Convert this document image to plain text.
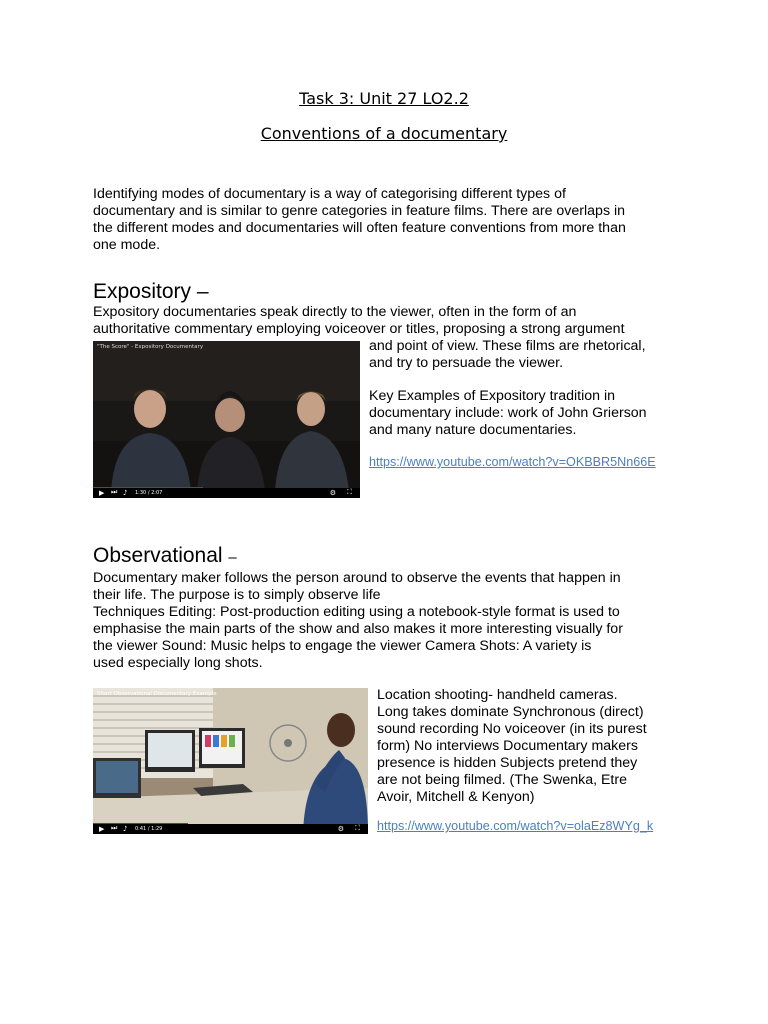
Task 3: Unit 27 LO2.2
Conventions of a documentary
Identifying modes of documentary is a way of categorising different types of
documentary and is similar to genre categories in feature films. There are overlaps in
the different modes and documentaries will often feature conventions from more than
one mode.
Expository –
Expository documentaries speak directly to the viewer, often in the form of an
authoritative commentary employing voiceover or titles, proposing a strong argument
"The Score" - Expository Documentary
▶ ⏭ ♪ 1:30 / 2:07	⚙ ⛶
and point of view. These films are rhetorical,
and try to persuade the viewer.
Key Examples of Expository tradition in
documentary include: work of John Grierson
and many nature documentaries.
https://www.youtube.com/watch?v=OKBBR5Nn66E
Observational –
Documentary maker follows the person around to observe the events that happen in
their life. The purpose is to simply observe life
Techniques Editing: Post-production editing using a notebook-style format is used to
emphasise the main parts of the show and also makes it more interesting visually for
the viewer Sound: Music helps to engage the viewer Camera Shots: A variety is
used especially long shots.
Short Observational Documentary Example
▶ ⏭ ♪ 0:41 / 1:29	⚙ ⛶
Location shooting- handheld cameras.
Long takes dominate Synchronous (direct)
sound recording No voiceover (in its purest
form) No interviews Documentary makers
presence is hidden Subjects pretend they
are not being filmed. (The Swenka, Etre
Avoir, Mitchell & Kenyon)
https://www.youtube.com/watch?v=olaEz8WYg_k
